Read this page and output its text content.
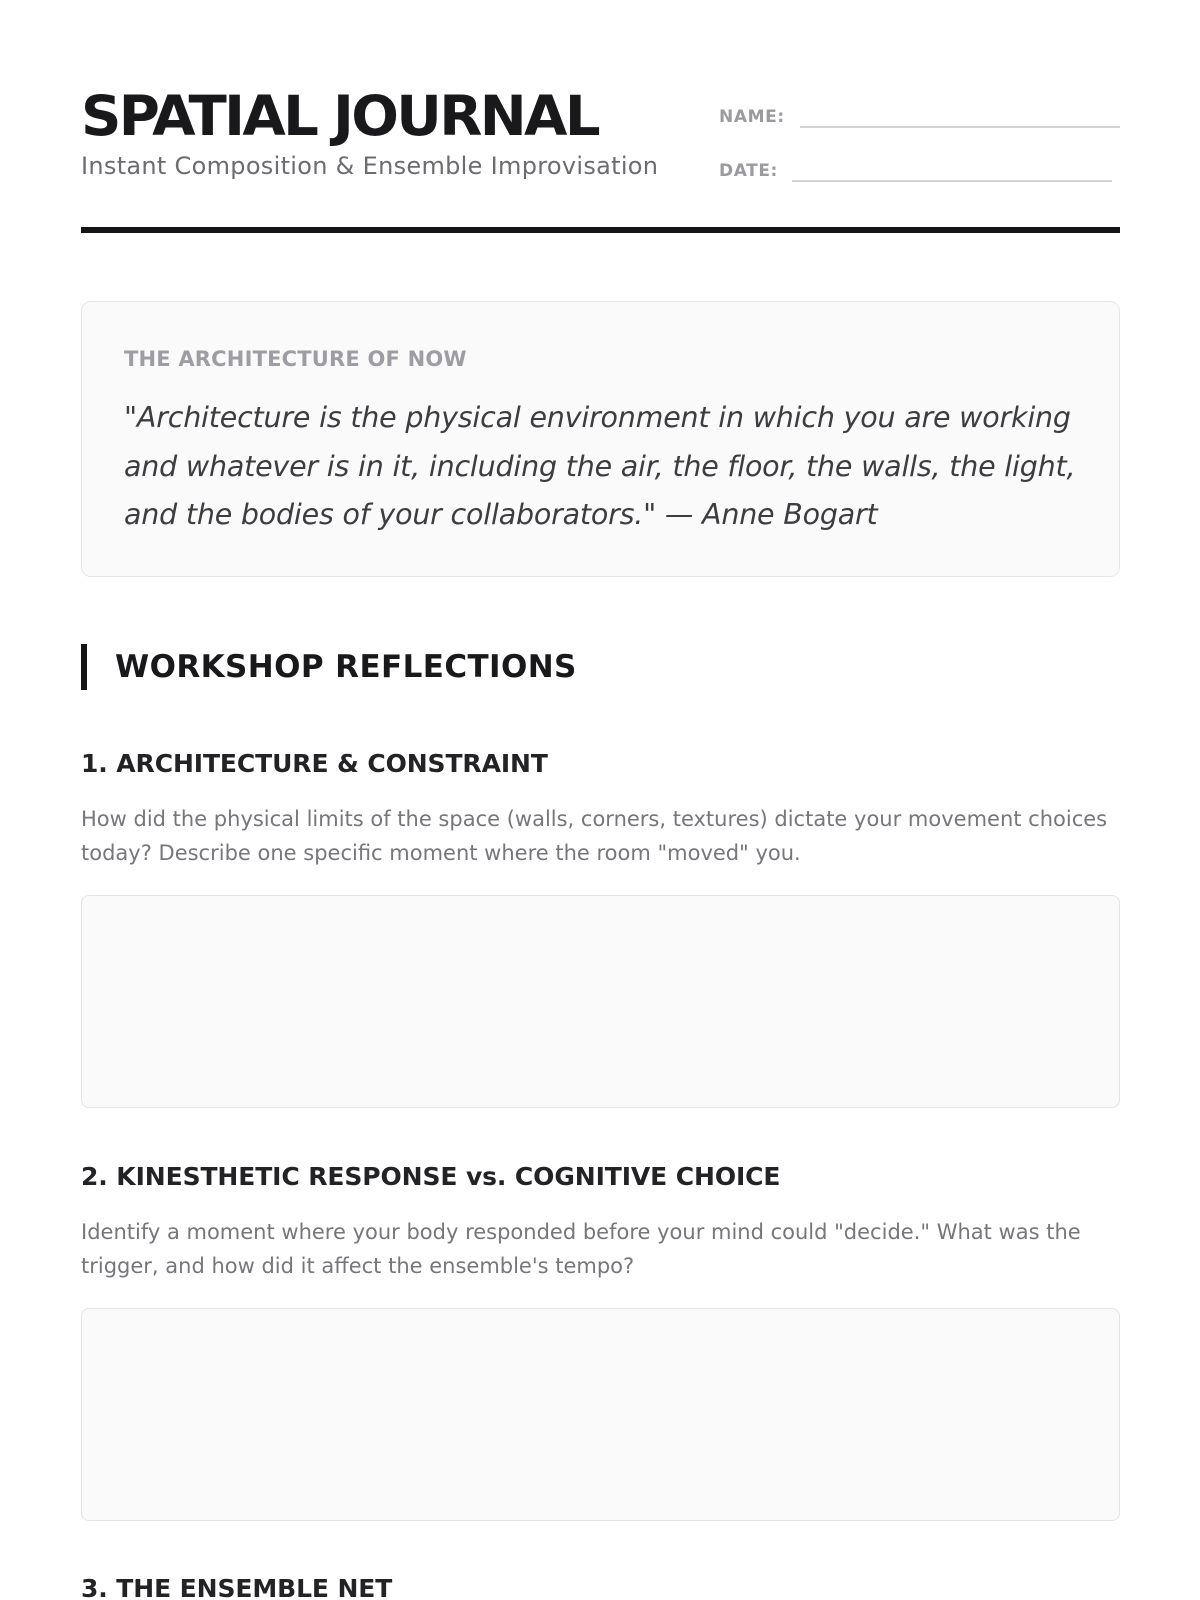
SPATIAL JOURNAL
Instant Composition & Ensemble Improvisation
NAME:
DATE:
THE ARCHITECTURE OF NOW
"Architecture is the physical environment in which you are working and whatever is in it, including the air, the floor, the walls, the light, and the bodies of your collaborators." — Anne Bogart
WORKSHOP REFLECTIONS
1. ARCHITECTURE & CONSTRAINT
How did the physical limits of the space (walls, corners, textures) dictate your movement choices today? Describe one specific moment where the room "moved" you.
2. KINESTHETIC RESPONSE vs. COGNITIVE CHOICE
Identify a moment where your body responded before your mind could "decide." What was the trigger, and how did it affect the ensemble's tempo?
3. THE ENSEMBLE NET
